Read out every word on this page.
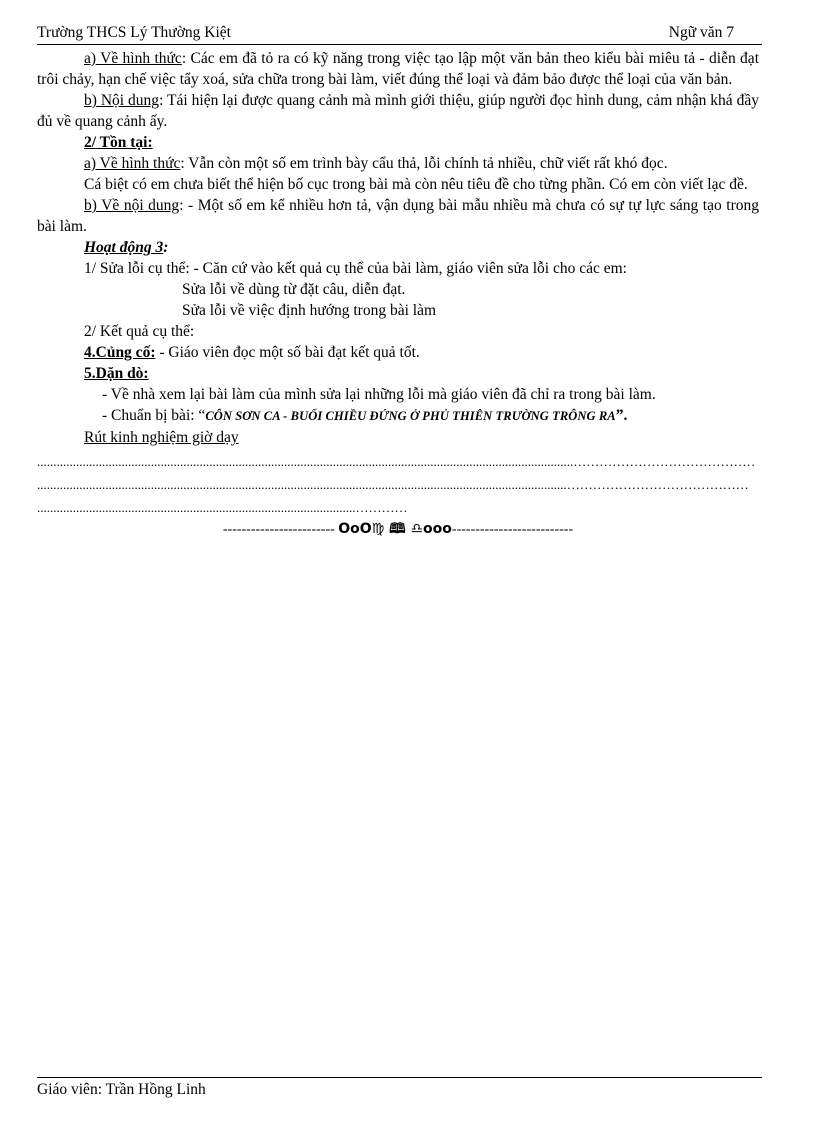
Trường THCS Lý Thường Kiệt	Ngữ văn 7

a) Về hình thức: Các em đã tỏ ra có kỹ năng trong việc tạo lập một văn bản theo kiểu bài miêu tả - diễn đạt trôi chảy, hạn chế việc tẩy xoá, sửa chữa trong bài làm, viết đúng thể loại và đảm bảo được thể loại của văn bản.

b) Nội dung: Tái hiện lại được quang cảnh mà mình giới thiệu, giúp người đọc hình dung, cảm nhận khá đầy đủ về quang cảnh ấy.

2/ Tồn tại:

a) Về hình thức: Vẫn còn một số em trình bày cẩu thả, lỗi chính tả nhiều, chữ viết rất khó đọc.

Cá biệt có em chưa biết thể hiện bố cục trong bài mà còn nêu tiêu đề cho từng phần. Có em còn viết lạc đề.

b) Về nội dung: - Một số em kể nhiều hơn tả, vận dụng bài mẫu nhiều mà chưa có sự tự lực sáng tạo trong bài làm.

Hoạt động 3:

1/ Sửa lỗi cụ thể: - Căn cứ vào kết quả cụ thể của bài làm, giáo viên sửa lỗi cho các em:

Sửa lỗi về dùng từ đặt câu, diễn đạt.

Sửa lỗi về việc định hướng trong bài làm

2/ Kết quả cụ thể:

4.Củng cố: - Giáo viên đọc một số bài đạt kết quả tốt.

5.Dặn dò:

- Về nhà xem lại bài làm của mình sửa lại những lỗi mà giáo viên đã chỉ ra trong bài làm.

- Chuẩn bị bài: “CÔN SƠN CA - BUỔI CHIỀU ĐỨNG Ở PHỦ THIÊN TRƯỜNG TRÔNG RA”.

Rút kinh nghiệm giờ dạy

.....................................................................................................................................................................……………………………………
...................................................................................................................................................................……………………………………
..................................................................................................…………
------------------------ OoO♍ 🕮 ♎ooo--------------------------
Giáo viên: Trần Hồng Linh
